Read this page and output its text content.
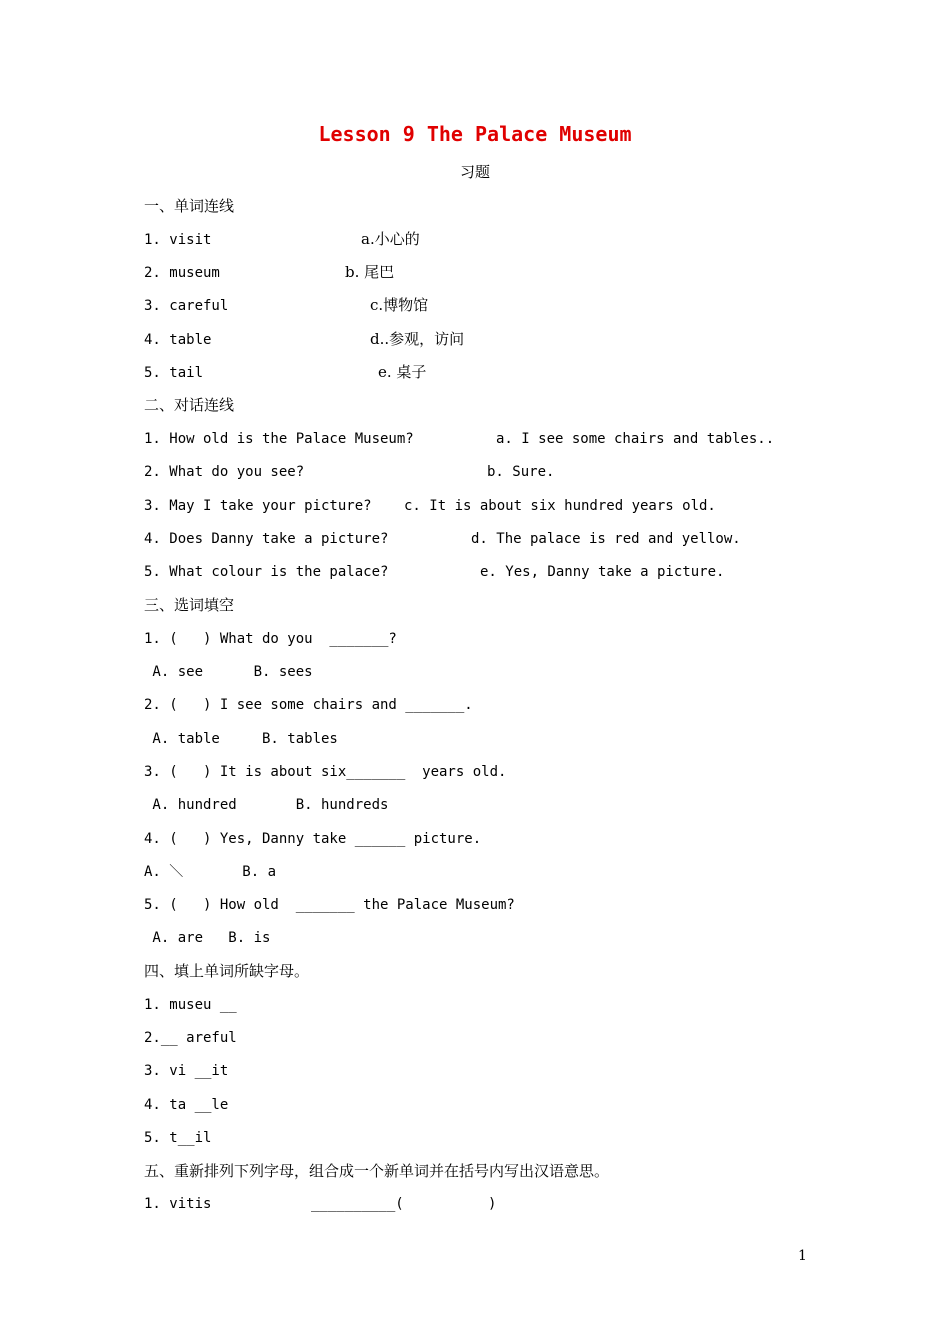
Lesson 9 The Palace Museum
习题
一、单词连线
1. visit
2. museum
3. careful
4. table
5. tail
a.小心的
b. 尾巴
c.博物馆
d..参观，访问
e. 桌子
二、对话连线
1. How old is the Palace Museum?
2. What do you see?
3. May I take your picture?
4. Does Danny take a picture?
5. What colour is the palace?
a. I see some chairs and tables..
b. Sure.
c. It is about six hundred years old.
d. The palace is red and yellow.
e. Yes, Danny take a picture.
三、选词填空
1. (   ) What do you  _______?
A. see      B. sees
2. (   ) I see some chairs and _______.
A. table     B. tables
3. (   ) It is about six_______  years old.
A. hundred       B. hundreds
4. (   ) Yes, Danny take ______ picture.
A. ＼       B. a
5. (   ) How old  _______ the Palace Museum?
A. are   B. is
四、填上单词所缺字母。
1. museu __
2.__ areful
3. vi __it
4. ta __le
5. t__il
五、重新排列下列字母，组合成一个新单词并在括号内写出汉语意思。
1. vitis	__________(          )
1
